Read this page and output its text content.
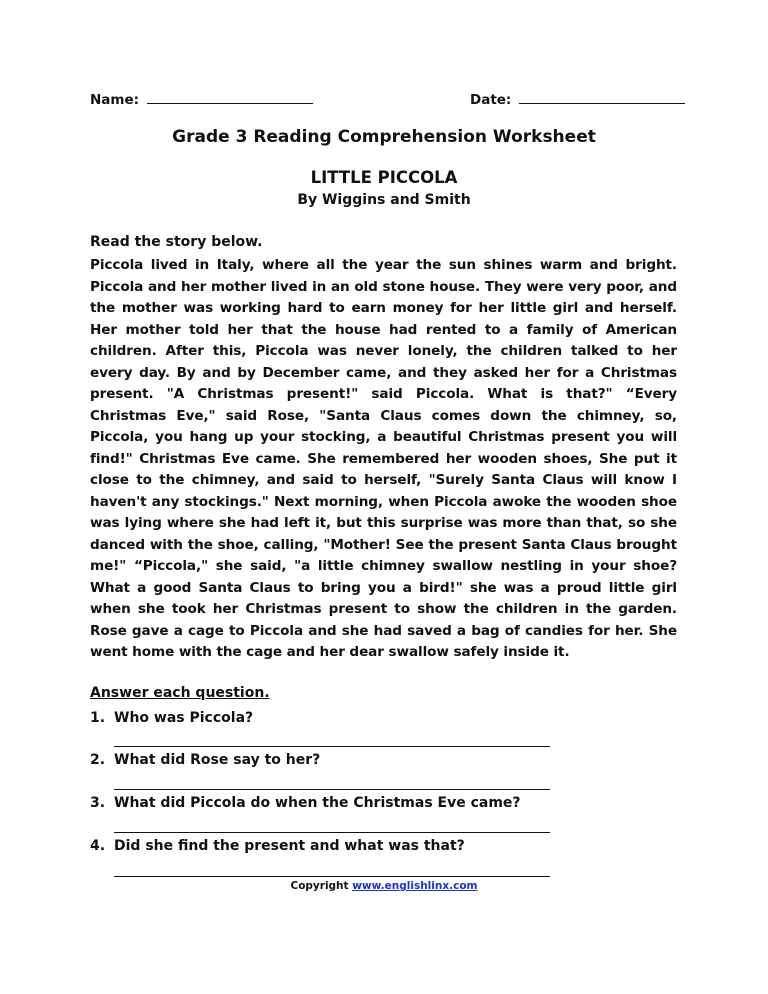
Name:	Date:
Grade 3 Reading Comprehension Worksheet
LITTLE PICCOLA
By Wiggins and Smith
Read the story below.

Piccola lived in Italy, where all the year the sun shines warm and bright. Piccola and her mother lived in an old stone house. They were very poor, and the mother was working hard to earn money for her little girl and herself. Her mother told her that the house had rented to a family of American children. After this, Piccola was never lonely, the children talked to her every day. By and by December came, and they asked her for a Christmas present. "A Christmas present!" said Piccola. What is that?" “Every Christmas Eve," said Rose, "Santa Claus comes down the chimney, so, Piccola, you hang up your stocking, a beautiful Christmas present you will find!" Christmas Eve came. She remembered her wooden shoes, She put it close to the chimney, and said to herself, "Surely Santa Claus will know I haven't any stockings." Next morning, when Piccola awoke the wooden shoe was lying where she had left it, but this surprise was more than that, so she danced with the shoe, calling, "Mother! See the present Santa Claus brought me!" “Piccola," she said, "a little chimney swallow nestling in your shoe? What a good Santa Claus to bring you a bird!" she was a proud little girl when she took her Christmas present to show the children in the garden. Rose gave a cage to Piccola and she had saved a bag of candies for her. She went home with the cage and her dear swallow safely inside it.

Answer each question.
1. Who was Piccola?
2. What did Rose say to her?
3. What did Piccola do when the Christmas Eve came?
4. Did she find the present and what was that?
Copyright www.englishlinx.com
